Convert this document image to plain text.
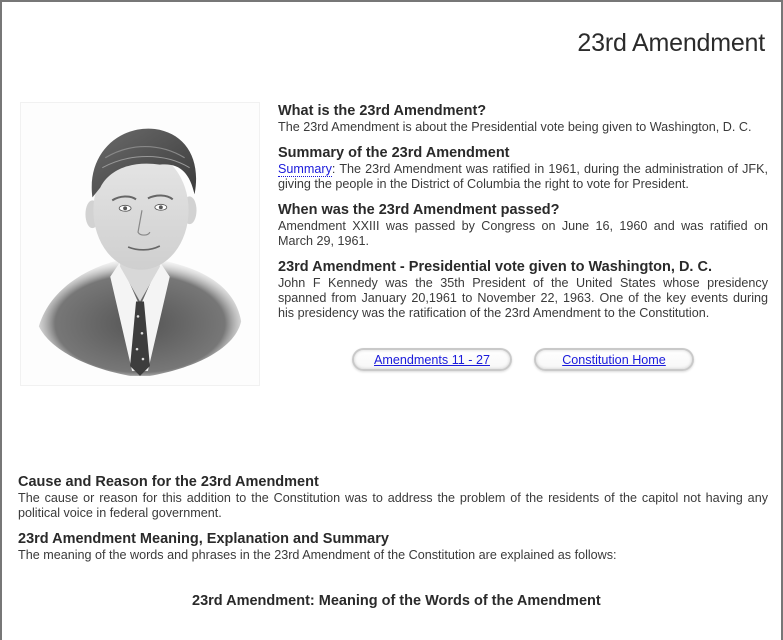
23rd Amendment
What is the 23rd Amendment?

The 23rd Amendment is about the Presidential vote being given to Washington, D. C.

Summary of the 23rd Amendment

Summary: The 23rd Amendment was ratified in 1961, during the administration of JFK, giving the people in the District of Columbia the right to vote for President.

When was the 23rd Amendment passed?

Amendment XXIII was passed by Congress on June 16, 1960 and was ratified on March 29, 1961.

23rd Amendment - Presidential vote given to Washington, D. C.

John F Kennedy was the 35th President of the United States whose presidency spanned from January 20,1961 to November 22, 1963. One of the key events during his presidency was the ratification of the 23rd Amendment to the Constitution.

Amendments 11 - 27	Constitution Home
Cause and Reason for the 23rd Amendment

The cause or reason for this addition to the Constitution was to address the problem of the residents of the capitol not having any political voice in federal government.

23rd Amendment Meaning, Explanation and Summary

The meaning of the words and phrases in the 23rd Amendment of the Constitution are explained as follows:

23rd Amendment: Meaning of the Words of the Amendment
